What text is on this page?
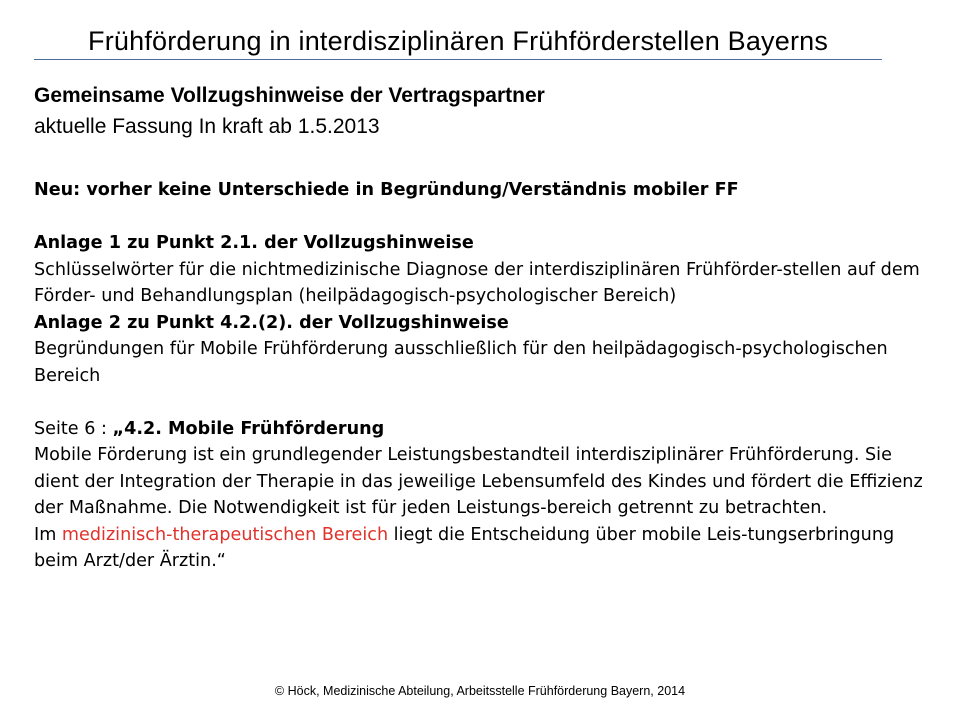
Frühförderung in interdisziplinären Frühförderstellen Bayerns
Gemeinsame Vollzugshinweise der Vertragspartner
aktuelle Fassung In kraft ab 1.5.2013

Neu: vorher keine Unterschiede in Begründung/Verständnis mobiler FF

Anlage 1 zu Punkt 2.1. der Vollzugshinweise

Schlüsselwörter für die nichtmedizinische Diagnose der interdisziplinären Frühförder-stellen auf dem Förder- und Behandlungsplan (heilpädagogisch-psychologischer Bereich)

Anlage 2 zu Punkt 4.2.(2). der Vollzugshinweise

Begründungen für Mobile Frühförderung ausschließlich für den heilpädagogisch-psychologischen Bereich

Seite 6 : „4.2. Mobile Frühförderung

Mobile Förderung ist ein grundlegender Leistungsbestandteil interdisziplinärer Frühförderung. Sie dient der Integration der Therapie in das jeweilige Lebensumfeld des Kindes und fördert die Effizienz der Maßnahme. Die Notwendigkeit ist für jeden Leistungs-bereich getrennt zu betrachten.

Im medizinisch-therapeutischen Bereich liegt die Entscheidung über mobile Leis-tungserbringung beim Arzt/der Ärztin.“

© Höck, Medizinische Abteilung, Arbeitsstelle Frühförderung Bayern, 2014
